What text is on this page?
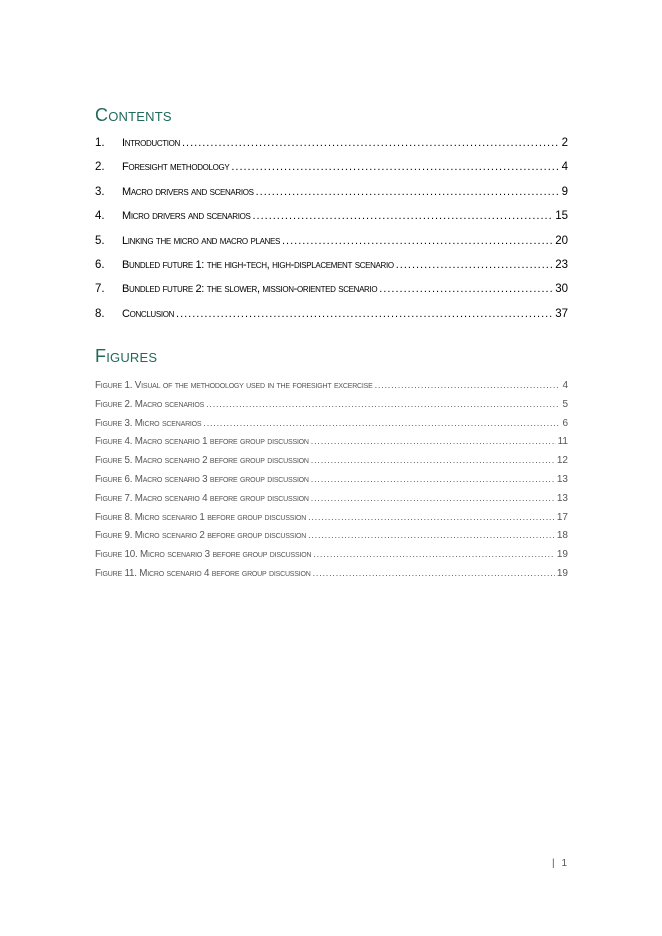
Contents
1.	Introduction .....	2
2.	Foresight methodology .....	4
3.	Macro drivers and scenarios .....	9
4.	Micro drivers and scenarios .....	15
5.	Linking the micro and macro planes .....	20
6.	Bundled future 1: the high-tech, high-displacement scenario .....	23
7.	Bundled future 2: the slower, mission-oriented scenario .....	30
8.	Conclusion .....	37
Figures
Figure 1. Visual of the methodology used in the foresight excercise .....	4
Figure 2. Macro scenarios .....	5
Figure 3. Micro scenarios .....	6
Figure 4. Macro scenario 1 before group discussion .....	11
Figure 5. Macro scenario 2 before group discussion .....	12
Figure 6. Macro scenario 3 before group discussion .....	13
Figure 7. Macro scenario 4 before group discussion .....	13
Figure 8. Micro scenario 1 before group discussion .....	17
Figure 9. Micro scenario 2 before group discussion .....	18
Figure 10. Micro scenario 3 before group discussion .....	19
Figure 11. Micro scenario 4 before group discussion .....	19
| 1
